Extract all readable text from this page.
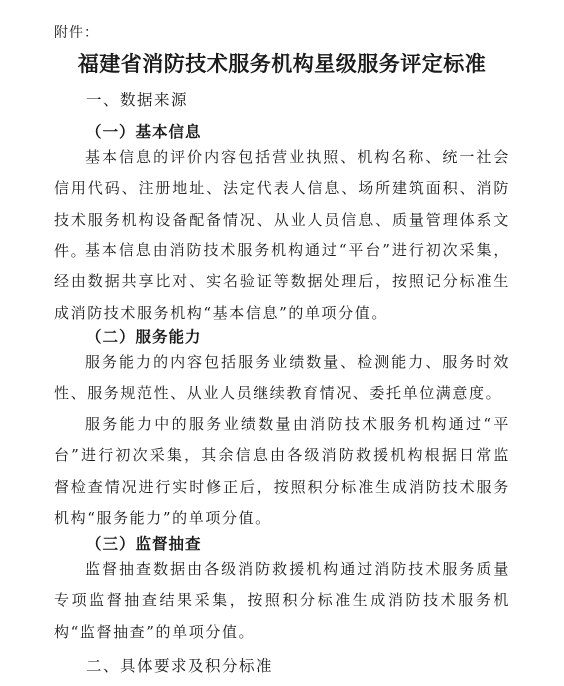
附件：
福建省消防技术服务机构星级服务评定标准
一、数据来源
（一）基本信息
基本信息的评价内容包括营业执照、机构名称、统一社会信用代码、注册地址、法定代表人信息、场所建筑面积、消防技术服务机构设备配备情况、从业人员信息、质量管理体系文件。
基本信息由消防技术服务机构通过“平台”进行初次采集，经由数据共享比对、实名验证等数据处理后，按照记分标准生成消防技术服务机构“基本信息”的单项分值。
（二）服务能力
服务能力的内容包括服务业绩数量、检测能力、服务时效性、服务规范性、从业人员继续教育情况、委托单位满意度。
服务能力中的服务业绩数量由消防技术服务机构通过“平台”进行初次采集，其余信息由各级消防救援机构根据日常监督检查情况进行实时修正后，按照积分标准生成消防技术服务机构“服务能力”的单项分值。
（三）监督抽查
监督抽查数据由各级消防救援机构通过消防技术服务质量专项监督抽查结果采集，按照积分标准生成消防技术服务机构“监督抽查”的单项分值。
二、具体要求及积分标准
